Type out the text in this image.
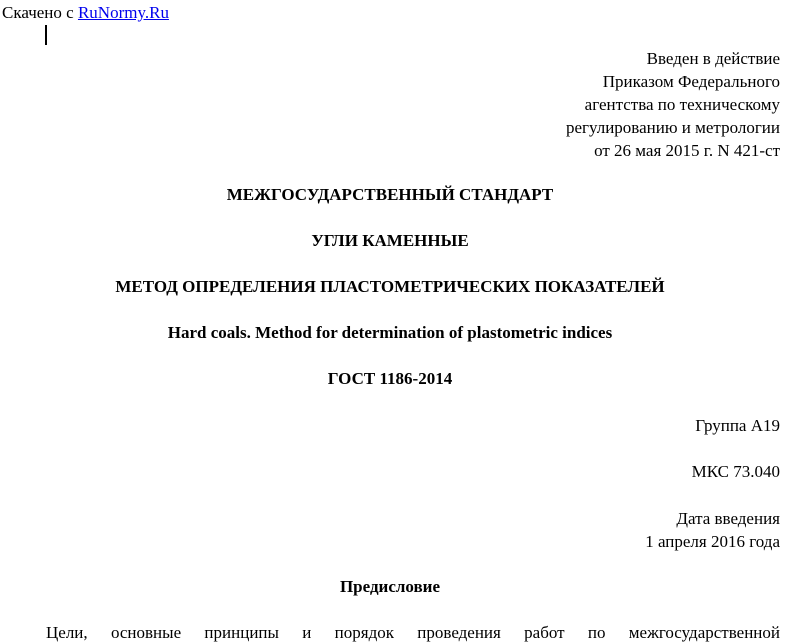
Скачено с RuNormy.Ru
Введен в действие
Приказом Федерального
агентства по техническому
регулированию и метрологии
от 26 мая 2015 г. N 421-ст
МЕЖГОСУДАРСТВЕННЫЙ СТАНДАРТ
УГЛИ КАМЕННЫЕ
МЕТОД ОПРЕДЕЛЕНИЯ ПЛАСТОМЕТРИЧЕСКИХ ПОКАЗАТЕЛЕЙ
Hard coals. Method for determination of plastometric indices
ГОСТ 1186-2014
Группа А19
МКС 73.040
Дата введения
1 апреля 2016 года
Предисловие
Цели, основные принципы и порядок проведения работ по межгосударственной
